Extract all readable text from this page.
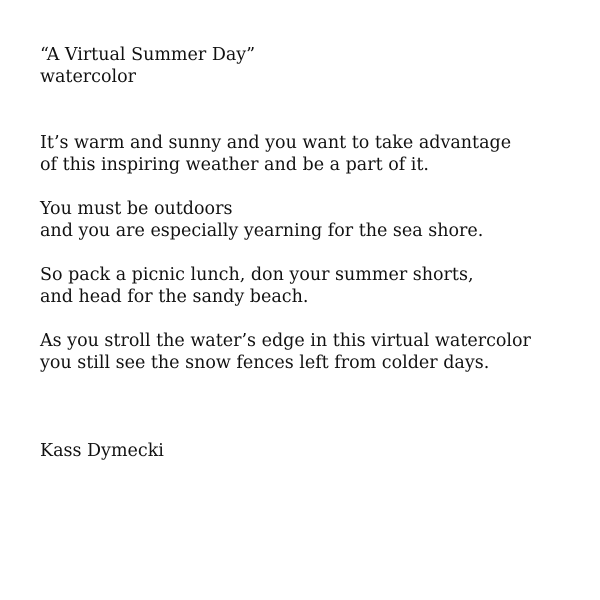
“A Virtual Summer Day”
watercolor
It’s warm and sunny and you want to take advantage
of this inspiring weather and be a part of it.
You must be outdoors
and you are especially yearning for the sea shore.
So pack a picnic lunch, don your summer shorts,
and head for the sandy beach.
As you stroll the water’s edge in this virtual watercolor
you still see the snow fences left from colder days.
Kass Dymecki
